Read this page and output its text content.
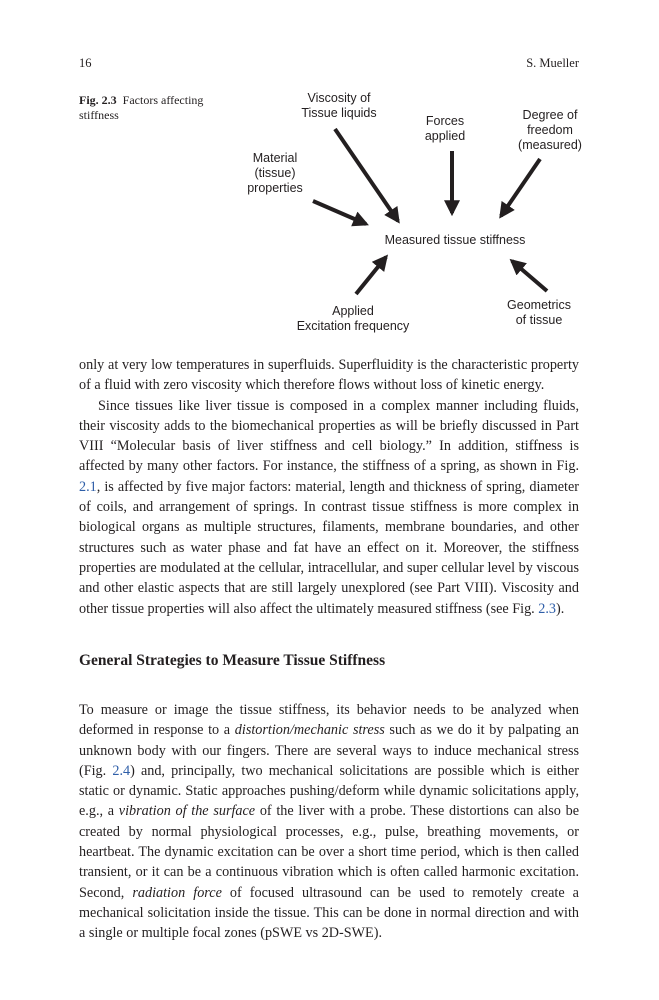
16	S. Mueller
Fig. 2.3 Factors affecting stiffness
Viscosity of
Tissue liquids
Forces
applied
Degree of
freedom
(measured)
Material
(tissue)
properties
Measured tissue stiffness
Applied
Excitation frequency
Geometrics
of tissue

only at very low temperatures in superfluids. Superfluidity is the characteristic property of a fluid with zero viscosity which therefore flows without loss of kinetic energy.

Since tissues like liver tissue is composed in a complex manner including fluids, their viscosity adds to the biomechanical properties as will be briefly discussed in Part VIII “Molecular basis of liver stiffness and cell biology.” In addition, stiffness is affected by many other factors. For instance, the stiffness of a spring, as shown in Fig. 2.1, is affected by five major factors: material, length and thickness of spring, diameter of coils, and arrangement of springs. In contrast tissue stiffness is more complex in biological organs as multiple structures, filaments, membrane boundaries, and other structures such as water phase and fat have an effect on it. Moreover, the stiffness properties are modulated at the cellular, intracellular, and super cellular level by viscous and other elastic aspects that are still largely unexplored (see Part VIII). Viscosity and other tissue properties will also affect the ultimately measured stiffness (see Fig. 2.3).

General Strategies to Measure Tissue Stiffness

To measure or image the tissue stiffness, its behavior needs to be analyzed when deformed in response to a distortion/mechanic stress such as we do it by palpating an unknown body with our fingers. There are several ways to induce mechanical stress (Fig. 2.4) and, principally, two mechanical solicitations are possible which is either static or dynamic. Static approaches pushing/deform while dynamic solicitations apply, e.g., a vibration of the surface of the liver with a probe. These distortions can also be created by normal physiological processes, e.g., pulse, breathing movements, or heartbeat. The dynamic excitation can be over a short time period, which is then called transient, or it can be a continuous vibration which is often called harmonic excitation. Second, radiation force of focused ultrasound can be used to remotely create a mechanical solicitation inside the tissue. This can be done in normal direction and with a single or multiple focal zones (pSWE vs 2D-SWE).
